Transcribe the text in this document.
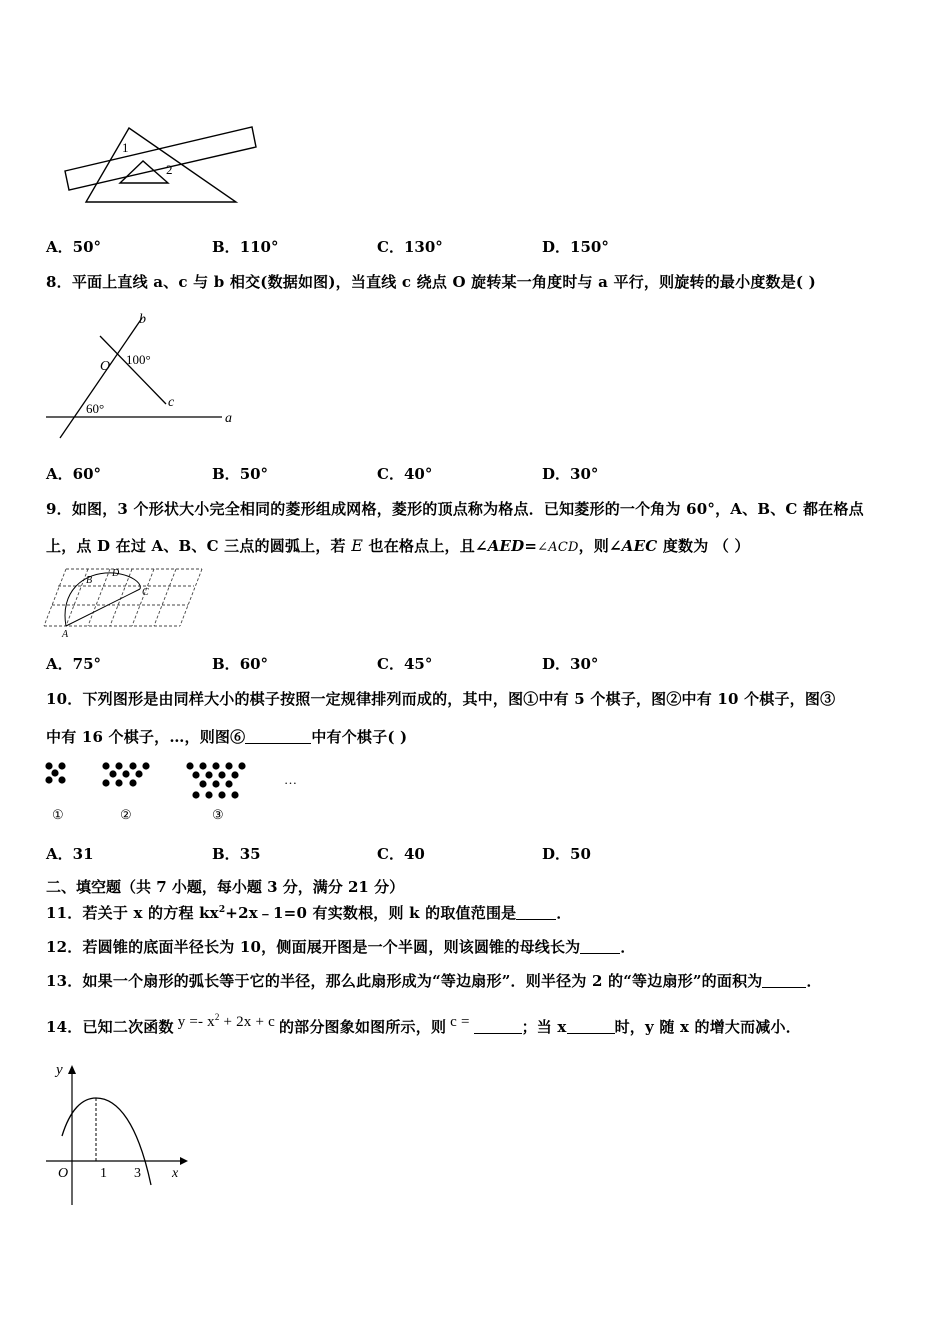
1
2
A．50°	B．110°	C．130°	D．150°
8．平面上直线 a、c 与 b 相交(数据如图)，当直线 c 绕点 O 旋转某一角度时与 a 平行，则旋转的最小度数是( )
b
O 100°
c
60°
a
A．60°	B．50°	C．40°	D．30°
9．如图，3 个形状大小完全相同的菱形组成网格，菱形的顶点称为格点．已知菱形的一个角为 60°，A、B、C 都在格点
上，点 D 在过 A、B、C 三点的圆弧上，若 E 也在格点上，且∠AED=∠ACD，则∠AEC 度数为 （ ）
A
B
C
D
A．75°	B．60°	C．45°	D．30°
10．下列图形是由同样大小的棋子按照一定规律排列而成的，其中，图①中有 5 个棋子，图②中有 10 个棋子，图③
中有 16 个棋子，…，则图⑥	中有个棋子( )
…
①	②	③
A．31	B．35	C．40	D．50
二、填空题（共 7 小题，每小题 3 分，满分 21 分）
11．若关于 x 的方程 $kx^2+2x﹣1=0$ 有实数根，则 k 的取值范围是	．
12．若圆锥的底面半径长为 10，侧面展开图是一个半圆，则该圆锥的母线长为	．
13．如果一个扇形的弧长等于它的半径，那么此扇形成为“等边扇形”．则半径为 2 的“等边扇形”的面积为	．
14．已知二次函数 $y =- x^2 + 2x + c$ 的部分图象如图所示，则 c =	；当 x	时，y 随 x 的增大而减小．
y
O 1 3 x
